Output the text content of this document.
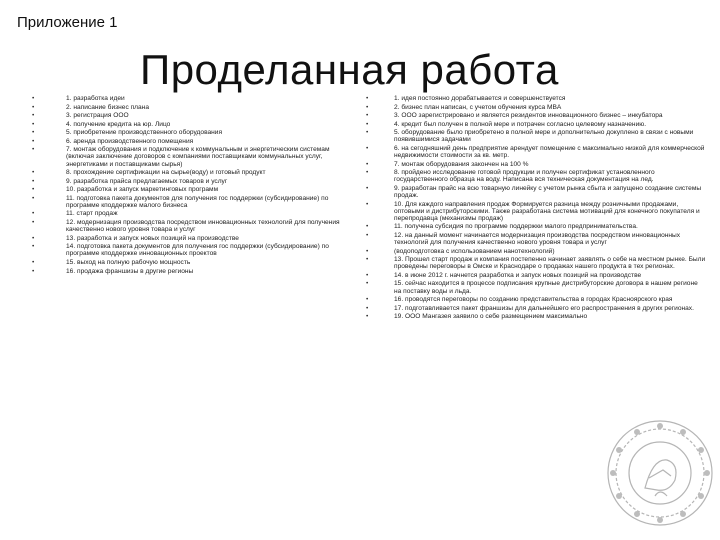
Приложение 1
Проделанная работа
•	1. разработка идеи
•	2. написание бизнес плана
•	3. регистрация ООО
•	4. получение кредита на юр. Лицо
•	5. приобретение производственного оборудования
•	6. аренда производственного помещения
•	7. монтаж оборудования и подключение к коммунальным и энергетическим системам (включая заключение договоров с компаниями поставщиками коммунальных услуг, энергетиками и поставщиками сырья)
•	8. прохождение сертификации на сырье(воду) и готовый продукт
•	9. разработка прайса предлагаемых товаров и услуг
•	10. разработка и запуск маркетинговых программ
•	11. подготовка пакета документов для получения гос поддержки (субсидирование) по программе кподдержке малого бизнеса
•	11. старт продаж
•	12. модернизация производства посредством инновационных технологий для получения качественно нового уровня товара и услуг
•	13. разработка и запуск новых позиций на производстве
•	14. подготовка пакета документов для получения гос поддержки (субсидирование) по программе кподдержке инновационных проектов
•	15. выход на полную рабочую мощность
•	16. продажа франшизы в другие регионы
•	1. идея постоянно дорабатывается и совершенствуется
•	2. бизнес план написан, с учетом обучения курса MBA
•	3. ООО зарегистрировано и является резидентов инновационного бизнес – инкубатора
•	4. кредит был получен в полной мере и потрачен согласно целевому назначению.
•	5. оборудование было приобретено в полной мере и дополнительно докуплено в связи с новыми появившимися задачами
•	6. на сегодняшний день предприятие арендует помещение с максимально низкой для коммерческой недвижимости стоимости за кв. метр.
•	7. монтаж оборудования закончен на 100 %
•	8. пройдено исследование готовой продукции и получен сертификат установленного государственного образца на воду. Написана вся техническая документация на лед.
•	9. разработан прайс на всю товарную линейку с учетом рынка сбыта и запущено создание системы продаж.
•	10. Для каждого направления продаж Формируется разница между розничными продажами, оптовыми и дистрибуторскими. Также разработана система мотиваций для конечного покупателя и перепродавца (механизмы продаж)
•	11. получена субсидия по программе поддержки малого предпринимательства.
•	12. на данный момент начинается модернизация производства посредством инновационных технологий для получения качественно нового уровня товара и услуг
•	(водоподготовка с использованием нанотехнологий)
•	13. Прошел старт продаж и компания постепенно начинает заявлять о себе на местном рынке. Были проведены переговоры в Омске и Краснодаре о продажах нашего продукта в тех регионах.
•	14. в июне 2012 г. начнется разработка и запуск новых позиций на производстве
•	15. сейчас находится в процессе подписания крупные дистрибуторские договора в нашем регионе на поставку воды и льда.
•	16. проводятся переговоры по созданию представительства в городах Красноярского края
•	17. подготавливается пакет франшизы для дальнейшего его распространения в других регионах.
•	19. ООО Мангазея заявило о себе размещением максимально
